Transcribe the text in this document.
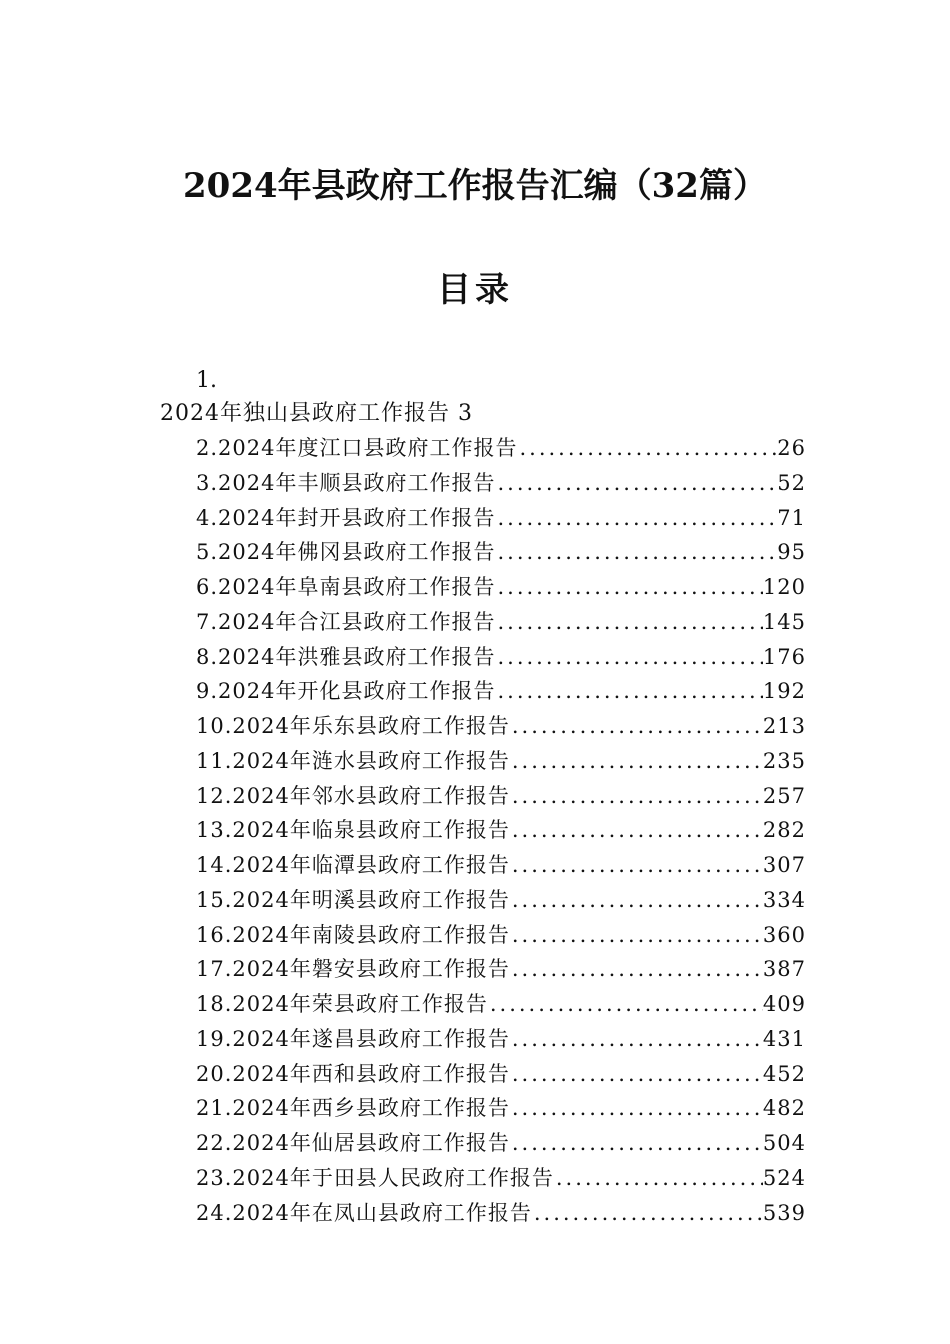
2024年县政府工作报告汇编（32篇）
目录
1.
2024年独山县政府工作报告 3
2.2024年度江口县政府工作报告 .....	26
3.2024年丰顺县政府工作报告 .....	52
4.2024年封开县政府工作报告 .....	71
5.2024年佛冈县政府工作报告 .....	95
6.2024年阜南县政府工作报告 .....	120
7.2024年合江县政府工作报告 .....	145
8.2024年洪雅县政府工作报告 .....	176
9.2024年开化县政府工作报告 .....	192
10.2024年乐东县政府工作报告 .....	213
11.2024年涟水县政府工作报告 .....	235
12.2024年邻水县政府工作报告 .....	257
13.2024年临泉县政府工作报告 .....	282
14.2024年临潭县政府工作报告 .....	307
15.2024年明溪县政府工作报告 .....	334
16.2024年南陵县政府工作报告 .....	360
17.2024年磐安县政府工作报告 .....	387
18.2024年荣县政府工作报告 .....	409
19.2024年遂昌县政府工作报告 .....	431
20.2024年西和县政府工作报告 .....	452
21.2024年西乡县政府工作报告 .....	482
22.2024年仙居县政府工作报告 .....	504
23.2024年于田县人民政府工作报告 .....	524
24.2024年在凤山县政府工作报告 .....	539
